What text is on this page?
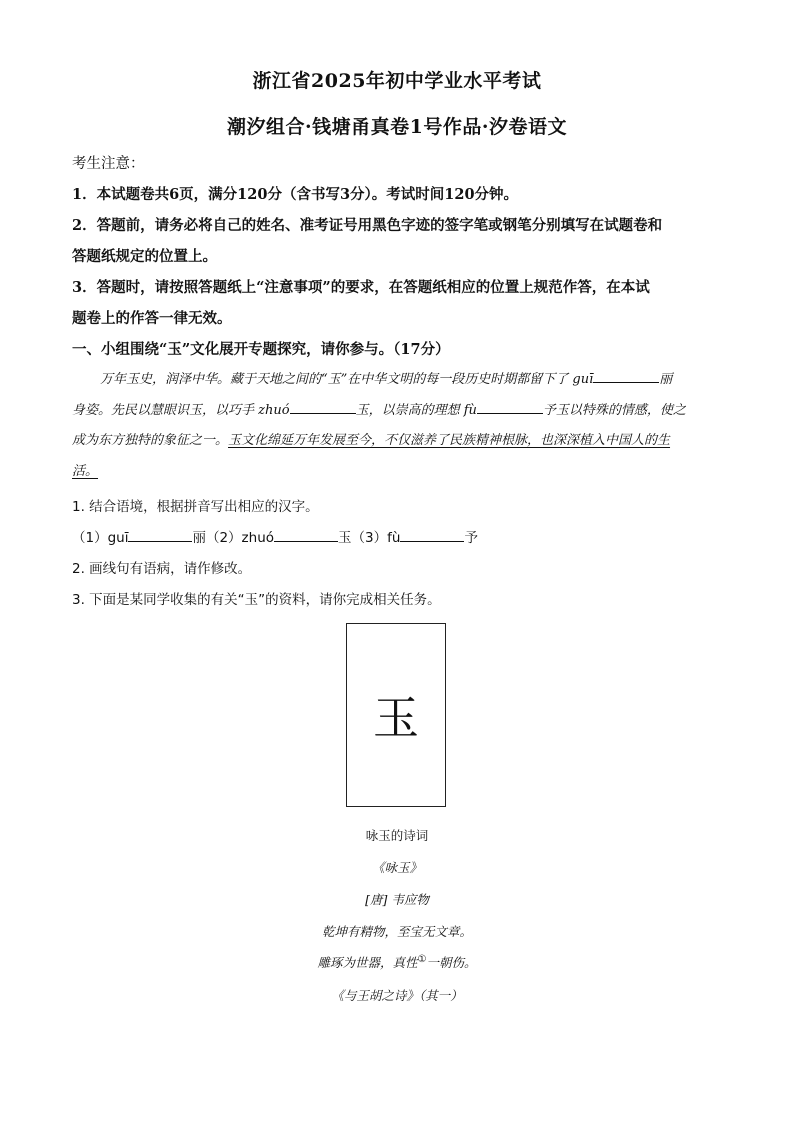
浙江省2025年初中学业水平考试
潮汐组合·钱塘甬真卷1号作品·汐卷语文
考生注意：
1．本试题卷共6页，满分120分（含书写3分）。考试时间120分钟。
2．答题前，请务必将自己的姓名、准考证号用黑色字迹的签字笔或钢笔分别填写在试题卷和
答题纸规定的位置上。
3．答题时，请按照答题纸上“注意事项”的要求，在答题纸相应的位置上规范作答，在本试
题卷上的作答一律无效。
一、小组围绕“玉”文化展开专题探究，请你参与。（17分）
万年玉史，润泽中华。藏于天地之间的“玉”在中华文明的每一段历史时期都留下了 guī	丽
身姿。先民以慧眼识玉，以巧手 zhuó	玉，以崇高的理想 fù	予玉以特殊的情感，使之
成为东方独特的象征之一。玉文化绵延万年发展至今，不仅滋养了民族精神根脉，也深深植入中国人的生
活。
1. 结合语境，根据拼音写出相应的汉字。
（1）guī	丽（2）zhuó	玉（3）fù	予
2. 画线句有语病，请作修改。
3. 下面是某同学收集的有关“玉”的资料，请你完成相关任务。
玉
咏玉的诗词
《咏玉》
[唐] 韦应物
乾坤有精物，至宝无文章。
雕琢为世器，真性①一朝伤。
《与王胡之诗》（其一）
